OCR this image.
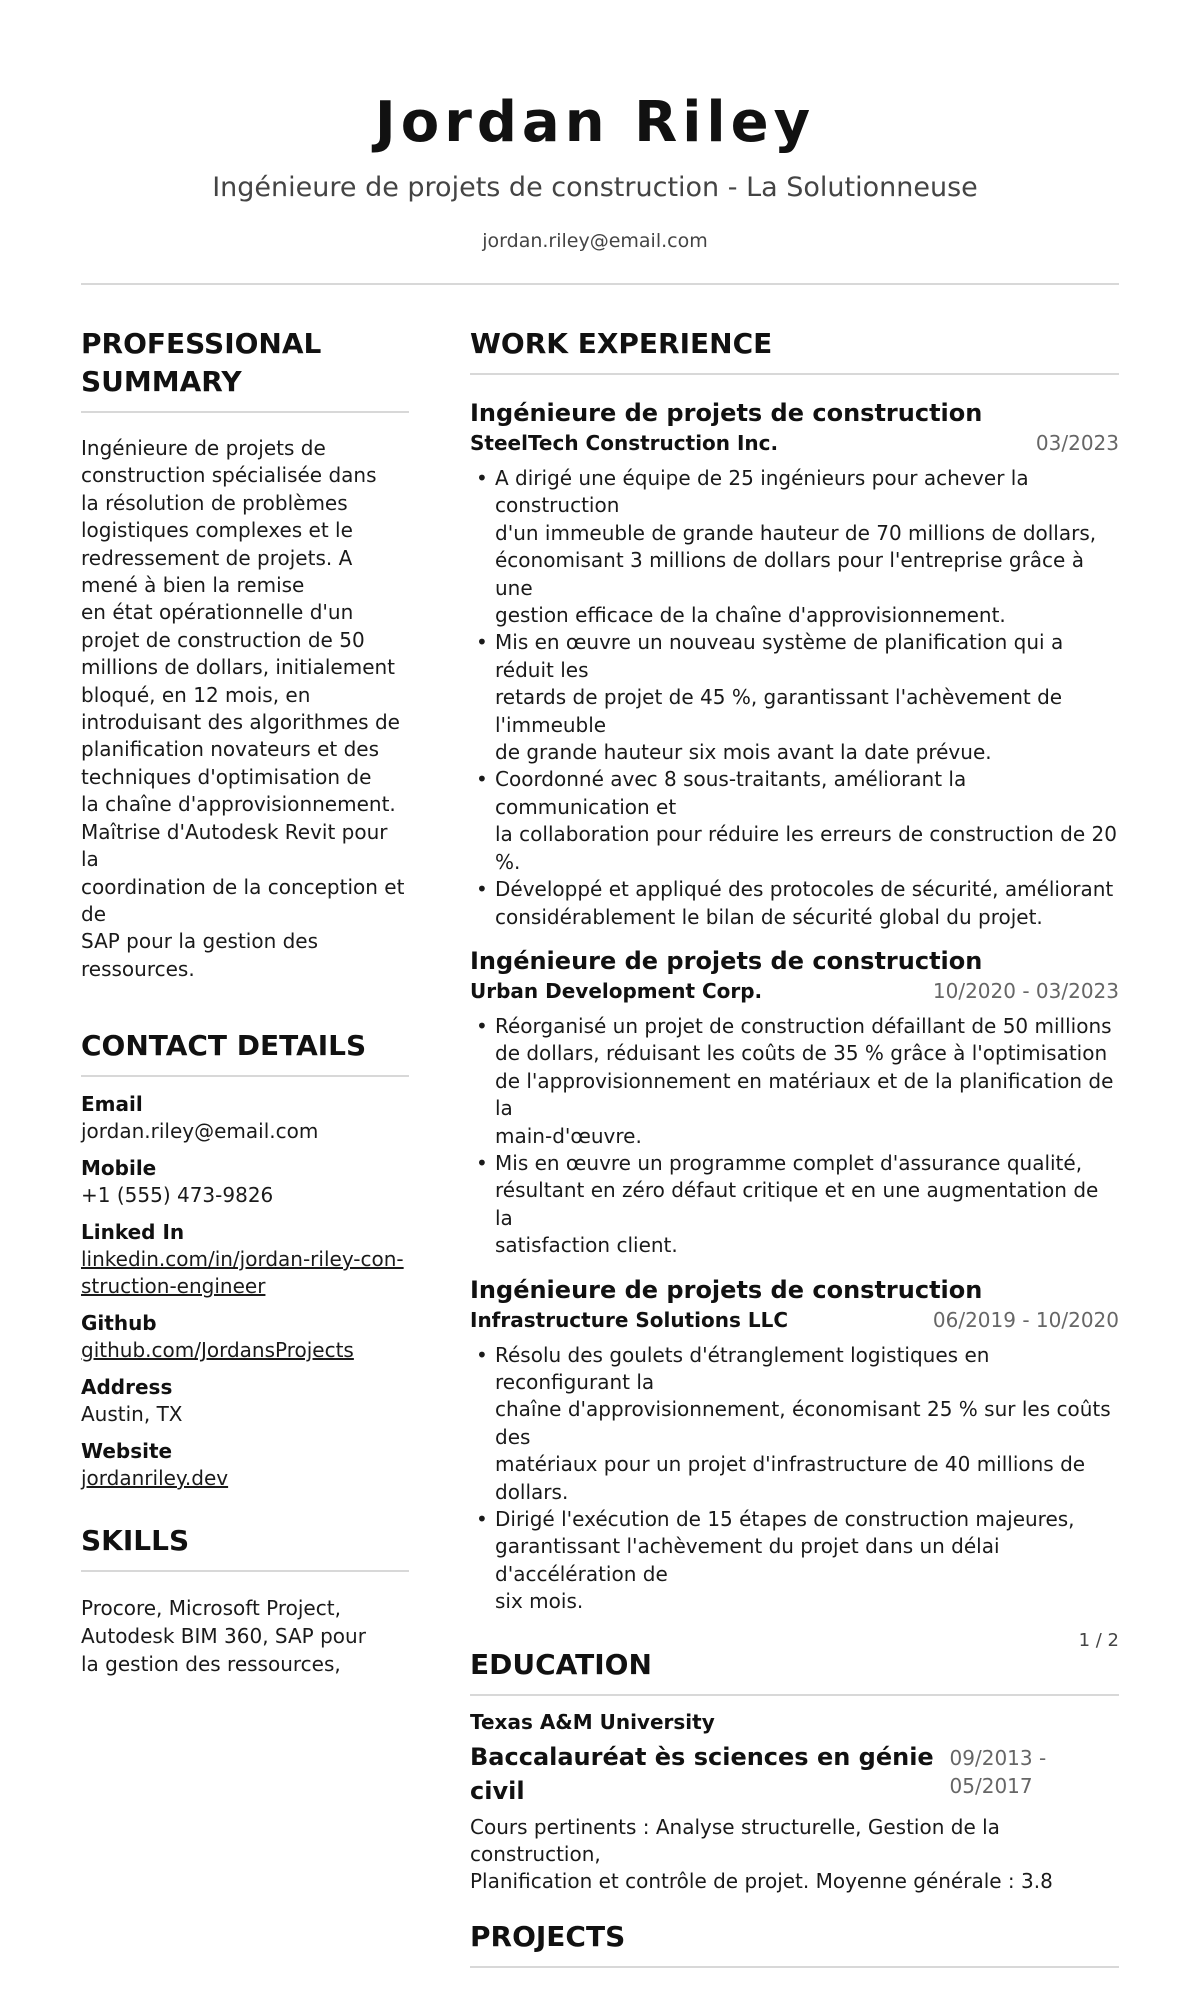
Jordan Riley
Ingénieure de projets de construction - La Solutionneuse
jordan.riley@email.com
PROFESSIONAL
SUMMARY
Ingénieure de projets de
construction spécialisée dans
la résolution de problèmes
logistiques complexes et le
redressement de projets. A
mené à bien la remise
en état opérationnelle d'un
projet de construction de 50
millions de dollars, initialement
bloqué, en 12 mois, en
introduisant des algorithmes de
planification novateurs et des
techniques d'optimisation de
la chaîne d'approvisionnement.
Maîtrise d'Autodesk Revit pour la
coordination de la conception et de
SAP pour la gestion des ressources.
CONTACT DETAILS
Email
jordan.riley@email.com
Mobile
+1 (555) 473-9826
Linked In
linkedin.com/in/jordan-riley-con-
struction-engineer
Github
github.com/JordansProjects
Address
Austin, TX
Website
jordanriley.dev
SKILLS
Procore, Microsoft Project,
Autodesk BIM 360, SAP pour
la gestion des ressources,
WORK EXPERIENCE
Ingénieure de projets de construction
SteelTech Construction Inc.	03/2023
• A dirigé une équipe de 25 ingénieurs pour achever la construction
d'un immeuble de grande hauteur de 70 millions de dollars,
économisant 3 millions de dollars pour l'entreprise grâce à une
gestion efficace de la chaîne d'approvisionnement.
• Mis en œuvre un nouveau système de planification qui a réduit les
retards de projet de 45 %, garantissant l'achèvement de l'immeuble
de grande hauteur six mois avant la date prévue.
• Coordonné avec 8 sous-traitants, améliorant la communication et
la collaboration pour réduire les erreurs de construction de 20 %.
• Développé et appliqué des protocoles de sécurité, améliorant
considérablement le bilan de sécurité global du projet.
Ingénieure de projets de construction
Urban Development Corp.	10/2020 - 03/2023
• Réorganisé un projet de construction défaillant de 50 millions
de dollars, réduisant les coûts de 35 % grâce à l'optimisation
de l'approvisionnement en matériaux et de la planification de la
main-d'œuvre.
• Mis en œuvre un programme complet d'assurance qualité,
résultant en zéro défaut critique et en une augmentation de la
satisfaction client.
Ingénieure de projets de construction
Infrastructure Solutions LLC	06/2019 - 10/2020
• Résolu des goulets d'étranglement logistiques en reconfigurant la
chaîne d'approvisionnement, économisant 25 % sur les coûts des
matériaux pour un projet d'infrastructure de 40 millions de dollars.
• Dirigé l'exécution de 15 étapes de construction majeures,
garantissant l'achèvement du projet dans un délai d'accélération de
six mois.
EDUCATION
Texas A&M University
Baccalauréat ès sciences en génie civil
09/2013 - 05/2017
Cours pertinents : Analyse structurelle, Gestion de la construction,
Planification et contrôle de projet. Moyenne générale : 3.8
PROJECTS
1 / 2
